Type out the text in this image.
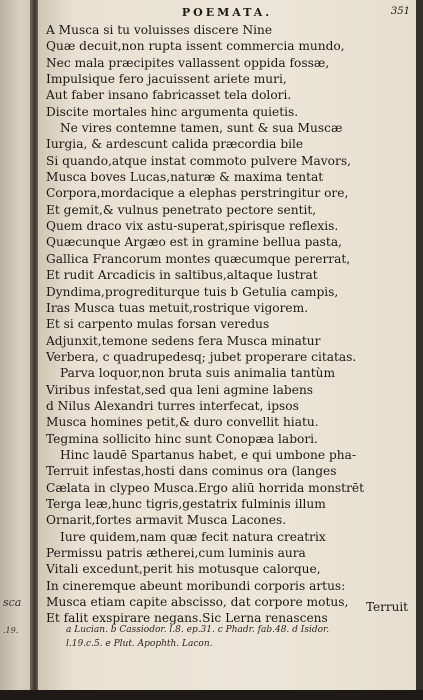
sca
.19.
POEMATA.	351
A Musca si tu voluisses discere Nine
Quæ decuit,non rupta issent commercia mundo,
Nec mala præcipites vallassent oppida fossæ,
Impulsique fero jacuissent ariete muri,
Aut faber insano fabricasset tela dolori.
Discite mortales hinc argumenta quietis.
Ne vires contemne tamen, sunt & sua Muscæ
Iurgia, & ardescunt calida præcordia bile
Si quando,atque instat commoto pulvere Mavors,
Musca boves Lucas,naturæ & maxima tentat
Corpora,mordacique a elephas perstringitur ore,
Et gemit,& vulnus penetrato pectore sentit,
Quem draco vix astu-superat,spirisque reflexis.
Quæcunque Argæo est in gramine bellua pasta,
Gallica Francorum montes quæcumque pererrat,
Et rudit Arcadicis in saltibus,altaque lustrat
Dyndima,progrediturque tuis b Getulia campis,
Iras Musca tuas metuit,rostrique vigorem.
Et si carpento mulas forsan veredus
Adjunxit,temone sedens fera Musca minatur
Verbera, c quadrupedesq; jubet properare citatas.
Parva loquor,non bruta suis animalia tantùm
Viribus infestat,sed qua leni agmine labens
d Nilus Alexandri turres interfecat, ipsos
Musca homines petit,& duro convellit hiatu.
Tegmina sollicito hinc sunt Conopæa labori.
Hinc laudē Spartanus habet, e qui umbone pha-
Terruit infestas,hosti dans cominus ora (langes
Cælata in clypeo Musca.Ergo aliū horrida monstrēt
Terga leæ,hunc tigris,gestatrix fulminis illum
Ornarit,fortes armavit Musca Lacones.
Iure quidem,nam quæ fecit natura creatrix
Permissu patris ætherei,cum luminis aura
Vitali excedunt,perit his motusque calorque,
In cineremque abeunt moribundi corporis artus:
Musca etiam capite abscisso, dat corpore motus,
Et falit exspirare negans.Sic Lerna renascens
Terruit
a Lucian. b Cassiodor. l.8. ep.31. c Phadr. fab.48. d Isidor.
l.19.c.5. e Plut. Apophth. Lacon.
